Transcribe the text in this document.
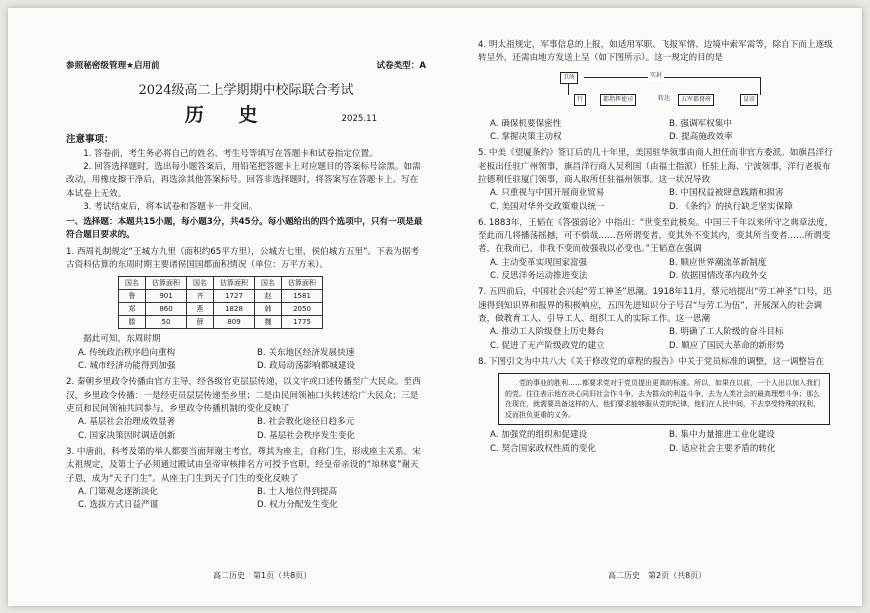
参照秘密级管理★启用前	试卷类型：A
2024级高二上学期期中校际联合考试
历 史	2025.11
注意事项：
1. 答卷前，考生务必将自己的姓名、考生号等填写在答题卡和试卷指定位置。
2. 回答选择题时，选出每小题答案后，用铅笔把答题卡上对应题目的答案标号涂黑。如需改动，用橡皮擦干净后，再选涂其他答案标号。回答非选择题时，将答案写在答题卡上。写在本试卷上无效。
3. 考试结束后，将本试卷和答题卡一并交回。
一、选择题：本题共15小题，每小题3分，共45分。每小题给出的四个选项中，只有一项是最符合题目要求的。
1. 西周礼制规定“王城方九里（面积约65平方里），公城方七里，侯伯城方五里”。下表为据考古资料估算的东周时期主要诸侯国国都面积情况（单位：万平方米）。
国名	估算面积	国名	估算面积	国名	估算面积
鲁	901	齐	1727	赵	1581
郑	860	燕	1828	韩	2050
滕	50	薛	809	魏	1775
据此可知，东周时期
A. 传统政治秩序趋向重构	B. 关东地区经济发展快速
C. 城市经济功能得到加强	D. 政局动荡影响都城建设
2. 秦朝乡里政令传播由官方主导，经各级官吏层层传递，以文字或口述传播至广大民众。至西汉，乡里政令传播：一是经吏员层层传递至乡里；二是由民间领袖口头转述给广大民众；三是吏员和民间领袖共同参与。乡里政令传播机制的变化反映了
A. 基层社会治理成效显著	B. 社会教化途径日趋多元
C. 国家决策因时调适创新	D. 基层社会秩序发生变化
3. 中唐前，科考及第的举人都要当面拜谢主考官，尊其为座主，自称门生，形成座主关系。宋太祖规定，及第士子必须通过殿试由皇帝审核排名方可授予官职，经皇帝亲设的“琼林宴”谢天子恩，成为“天子门生”。从座主门生到天子门生的变化反映了
A. 门第观念逐渐淡化	B. 士人地位得到提高
C. 选拔方式日益严谨	D. 权力分配发生变化
4. 明太祖规定，军事信息的上报，如适用军职、飞报军情、边境申索军需等，除自下而上逐级转呈外，还需由地方发送上呈（如下图所示）。这一规定的目的是
卫所	实封
行	都指挥使司	转达	五军都督府	皇帝
A. 确保机要保密性	B. 强调军权集中
C. 掌握决策主动权	D. 提高施政效率
5. 中美《望厦条约》签订后的几十年里，美国驻华领事由商人担任而非官方委派。如旗昌洋行老板出任驻广州领事，旗昌洋行商人吴利国（由福士指派）任驻上海、宁波领事，洋行老板布拉德利任驻厦门领事，商人取所任驻福州领事。这一状况导致
A. 只重视与中国开展商业贸易	B. 中国权益被肆意践踏和损害
C. 美国对华外交政策难以统一	D. 《条约》的执行缺乏坚实保障
6. 1883年，王韬在《答强弱论》中指出：“世变至此极矣。中国三千年以来所守之典章法度，至此而几将播荡摇撼，可不惧哉……吾所谓变者，变其外不变其内，变其所当变者……所谓变者，在我而已，非我不变而彼强我以必变也。”王韬意在强调
A. 主动变革实现国家富强	B. 顺应世界潮流革新制度
C. 反思洋务运动推进变法	D. 依据国情改革内政外交
7. 五四前后，中国社会兴起“劳工神圣”思潮。1918年11月，蔡元培提出“劳工神圣”口号，迅速得到知识界和报界的积极响应，五四先进知识分子号召“与劳工为伍”，开展深入的社会调查，做教育工人、引导工人、组织工人的实际工作。这一思潮
A. 推动工人阶级登上历史舞台	B. 明确了工人阶级的奋斗目标
C. 促进了无产阶级政党的建立	D. 顺应了国民大革命的新形势
8. 下图引文为中共八大《关于修改党的章程的报告》中关于党员标准的调整，这一调整旨在
党的事业的胜利……都要求党对于党员提出更高的标准。所以，如果在以前，一个人出以加入我们的党。往往表示他在决心同旧社会作斗争，去为群众的利益斗争，去为人类社会的最高理想斗争；那么在现在，就需要具备这样的人，他们要求能够服从党的纪律，他们在人民中间，不去享受特殊的权利，反而担负更重的义务。
A. 加强党的组织和促建设	B. 集中力量推进工业化建设
C. 契合国家政权性质的变化	D. 适应社会主要矛盾的转化
高二历史　第1页（共8页）	高二历史　第2页（共8页）
